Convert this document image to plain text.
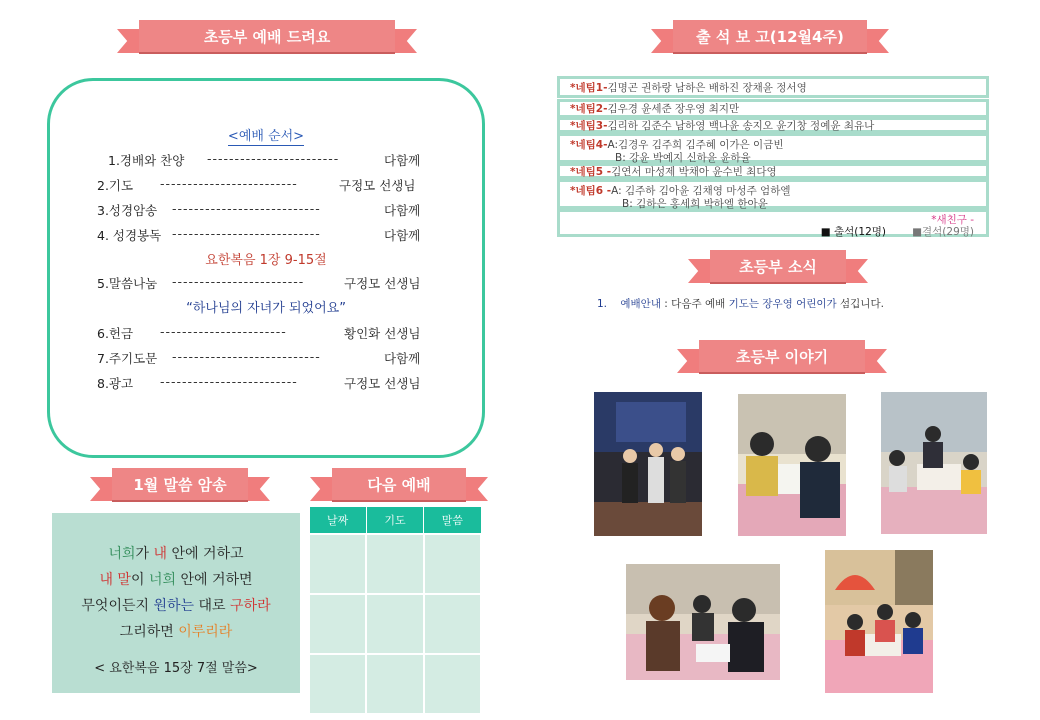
초등부 예배 드려요
<예배 순서>
1.경배와 찬양 ------------------------	다함께
2.기도 -------------------------	구정모 선생님
3.성경암송 ---------------------------	다함께
4. 성경봉독 ---------------------------	다함께
요한복음 1장 9-15절
5.말씀나눔 ------------------------	구정모 선생님
“하나님의 자녀가 되었어요”
6.헌금 -----------------------	황인화 선생님
7.주기도문 ---------------------------	다함께
8.광고 -------------------------	구정모 선생님
1월 말씀 암송
너희가 내 안에 거하고
내 말이 너희 안에 거하면
무엇이든지 원하는 대로 구하라
그리하면 이루리라
< 요한복음 15장 7절 말씀>
다음 예배
날짜	기도	말씀

출 석 보 고(12월4주)
*네팀1- 김명곤 권하랑 남하은 배하진 장채윤 정서영
*네팀2- 김우경 윤세준 장우영 최지만
*네팀3- 김리하 김준수 남하영 백나윤 송지오 윤기창 정예윤 최유나
*네팀4- A:김경우 김주희 김주혜 이가은 이금빈
B: 강윤 박예지 신하윤 윤하율
*네팀5 - 김연서 마성제 박채아 윤수빈 최다영
*네팀6 - A: 김주하 김아윤 김채영 마성주 엄하엘
B: 김하은 홍세희 박하엘 한아윤
*새친구 -
■ 출석(12명) ■결석(29명)
초등부 소식
1. 예배안내 : 다음주 예배 기도는 장우영 어린이가 섬깁니다.
초등부 이야기
